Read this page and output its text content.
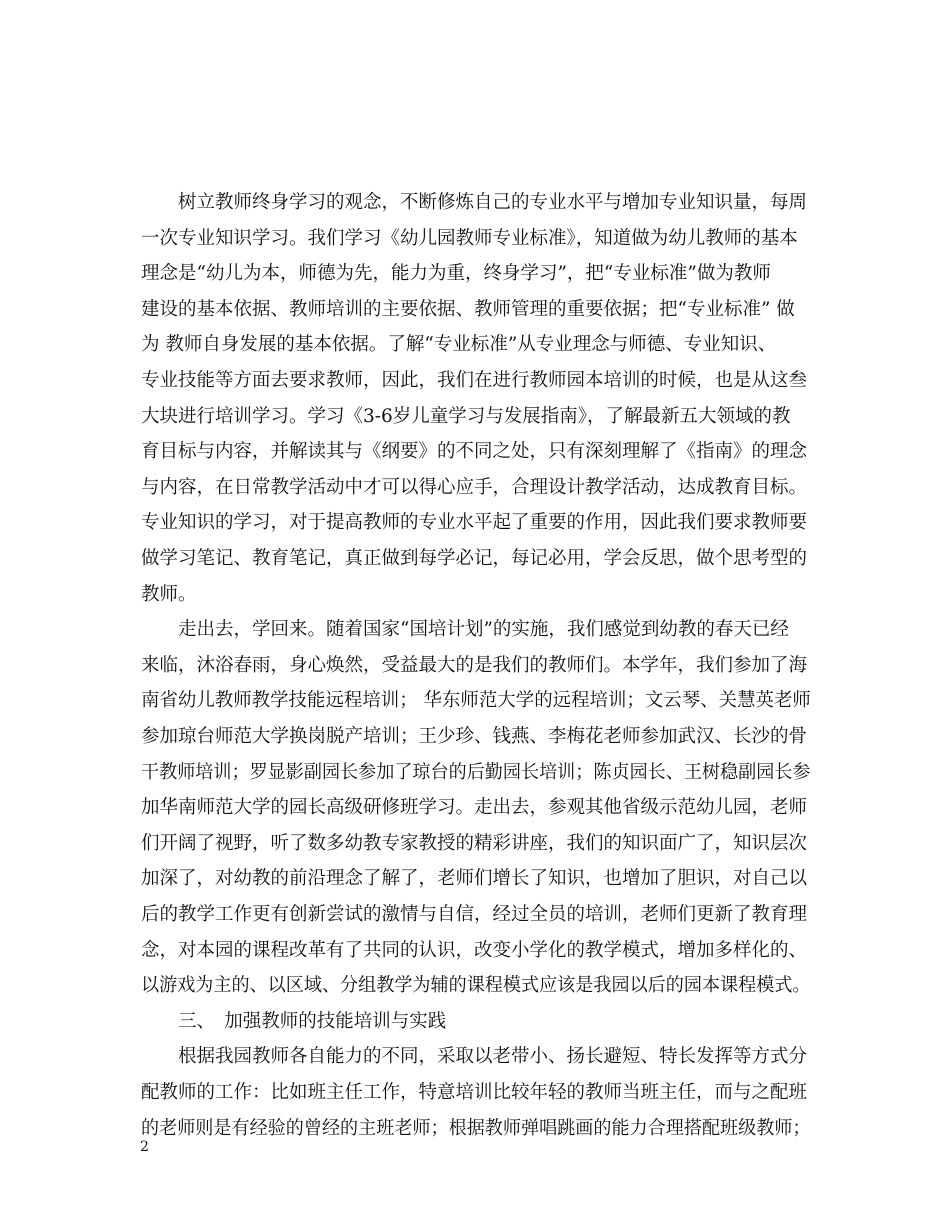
　　树立教师终身学习的观念，不断修炼自己的专业水平与增加专业知识量，每周
一次专业知识学习。我们学习《幼儿园教师专业标准》，知道做为幼儿教师的基本
理念是“幼儿为本，师德为先，能力为重，终身学习”，把“专业标准”做为教师
建设的基本依据、教师培训的主要依据、教师管理的重要依据；把“专业标准” 做
为 教师自身发展的基本依据。了解“专业标准”从专业理念与师德、专业知识、
专业技能等方面去要求教师，因此，我们在进行教师园本培训的时候，也是从这叁
大块进行培训学习。学习《3-6岁儿童学习与发展指南》，了解最新五大领域的教
育目标与内容，并解读其与《纲要》的不同之处，只有深刻理解了《指南》的理念
与内容，在日常教学活动中才可以得心应手，合理设计教学活动，达成教育目标。
专业知识的学习，对于提高教师的专业水平起了重要的作用，因此我们要求教师要
做学习笔记、教育笔记，真正做到每学必记，每记必用，学会反思，做个思考型的
教师。
　　走出去，学回来。随着国家“国培计划”的实施，我们感觉到幼教的春天已经
来临，沐浴春雨，身心焕然，受益最大的是我们的教师们。本学年，我们参加了海
南省幼儿教师教学技能远程培训； 华东师范大学的远程培训；文云琴、关慧英老师
参加琼台师范大学换岗脱产培训；王少珍、钱燕、李梅花老师参加武汉、长沙的骨
干教师培训；罗显影副园长参加了琼台的后勤园长培训；陈贞园长、王树稳副园长参
加华南师范大学的园长高级研修班学习。走出去，参观其他省级示范幼儿园，老师
们开阔了视野，听了数多幼教专家教授的精彩讲座，我们的知识面广了，知识层次
加深了，对幼教的前沿理念了解了，老师们增长了知识，也增加了胆识，对自己以
后的教学工作更有创新尝试的激情与自信，经过全员的培训，老师们更新了教育理
念，对本园的课程改革有了共同的认识，改变小学化的教学模式，增加多样化的、
以游戏为主的、以区域、分组教学为辅的课程模式应该是我园以后的园本课程模式。
　　三、　加强教师的技能培训与实践
　　根据我园教师各自能力的不同，采取以老带小、扬长避短、特长发挥等方式分
配教师的工作：比如班主任工作，特意培训比较年轻的教师当班主任，而与之配班
的老师则是有经验的曾经的主班老师；根据教师弹唱跳画的能力合理搭配班级教师；
2
